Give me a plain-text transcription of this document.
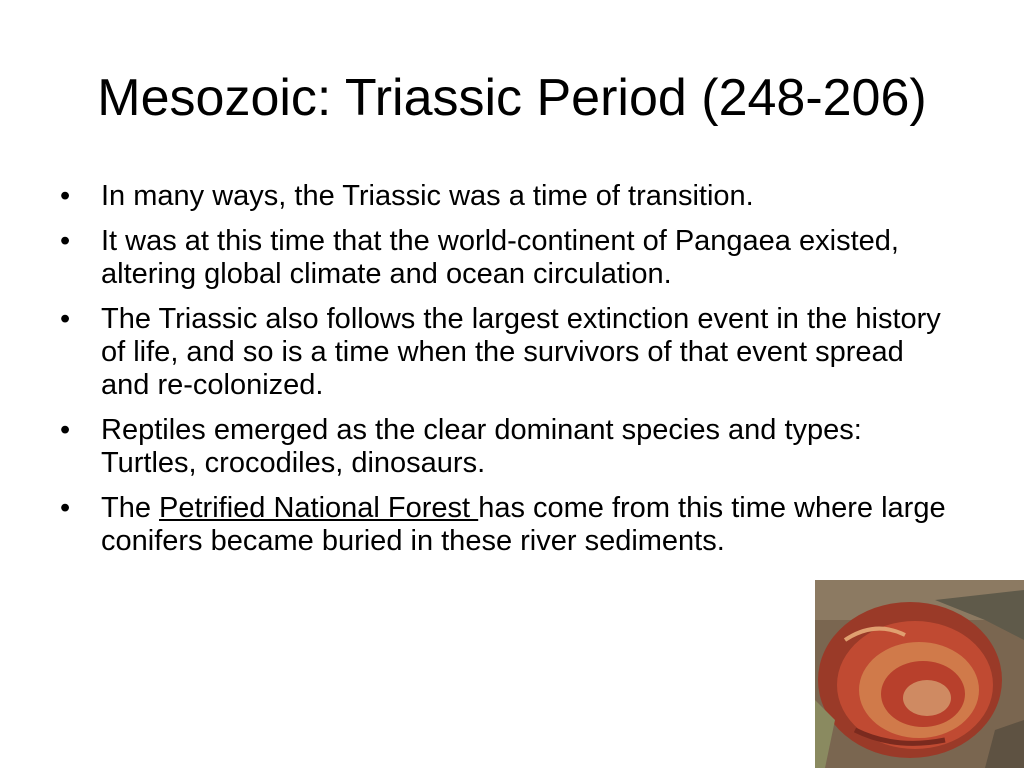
Mesozoic: Triassic Period (248-206)
• In many ways, the Triassic was a time of transition.
• It was at this time that the world-continent of Pangaea existed, altering global climate and ocean circulation.
• The Triassic also follows the largest extinction event in the history of life, and so is a time when the survivors of that event spread and re-colonized.
• Reptiles emerged as the clear dominant species and types: Turtles, crocodiles, dinosaurs.
• The Petrified National Forest has come from this time where large conifers became buried in these river sediments.
